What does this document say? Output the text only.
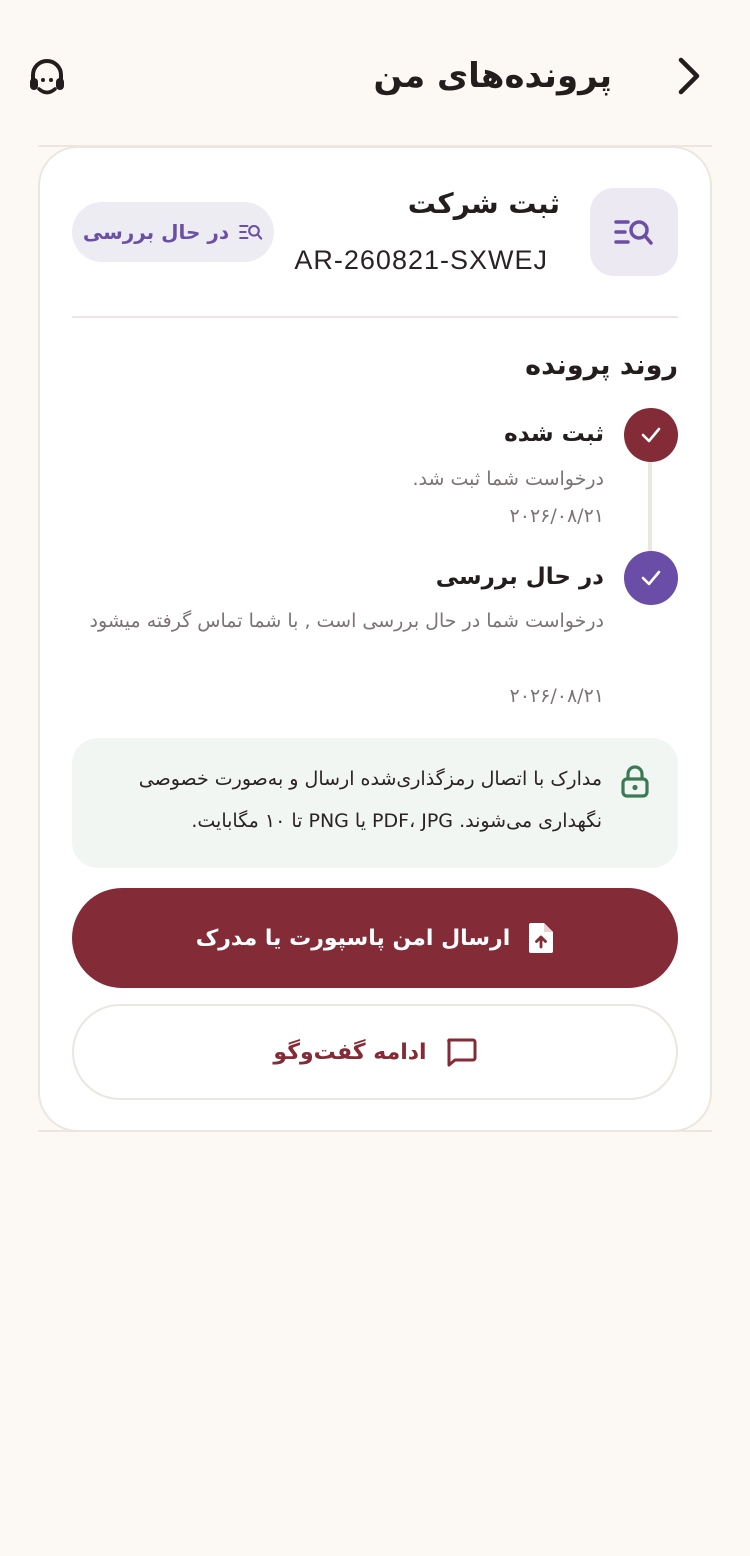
پرونده‌های من
ثبت شرکت
AR-260821-SXWEJ
در حال بررسی
روند پرونده
ثبت شده
درخواست شما ثبت شد.
۲۰۲۶/۰۸/۲۱
در حال بررسی
درخواست شما در حال بررسی است , با شما تماس گرفته میشود
۲۰۲۶/۰۸/۲۱
مدارک با اتصال رمزگذاری‌شده ارسال و به‌صورت خصوصی نگهداری می‌شوند. PDF، JPG یا PNG تا ۱۰ مگابایت.
ارسال امن پاسپورت یا مدرک
ادامه گفت‌وگو
